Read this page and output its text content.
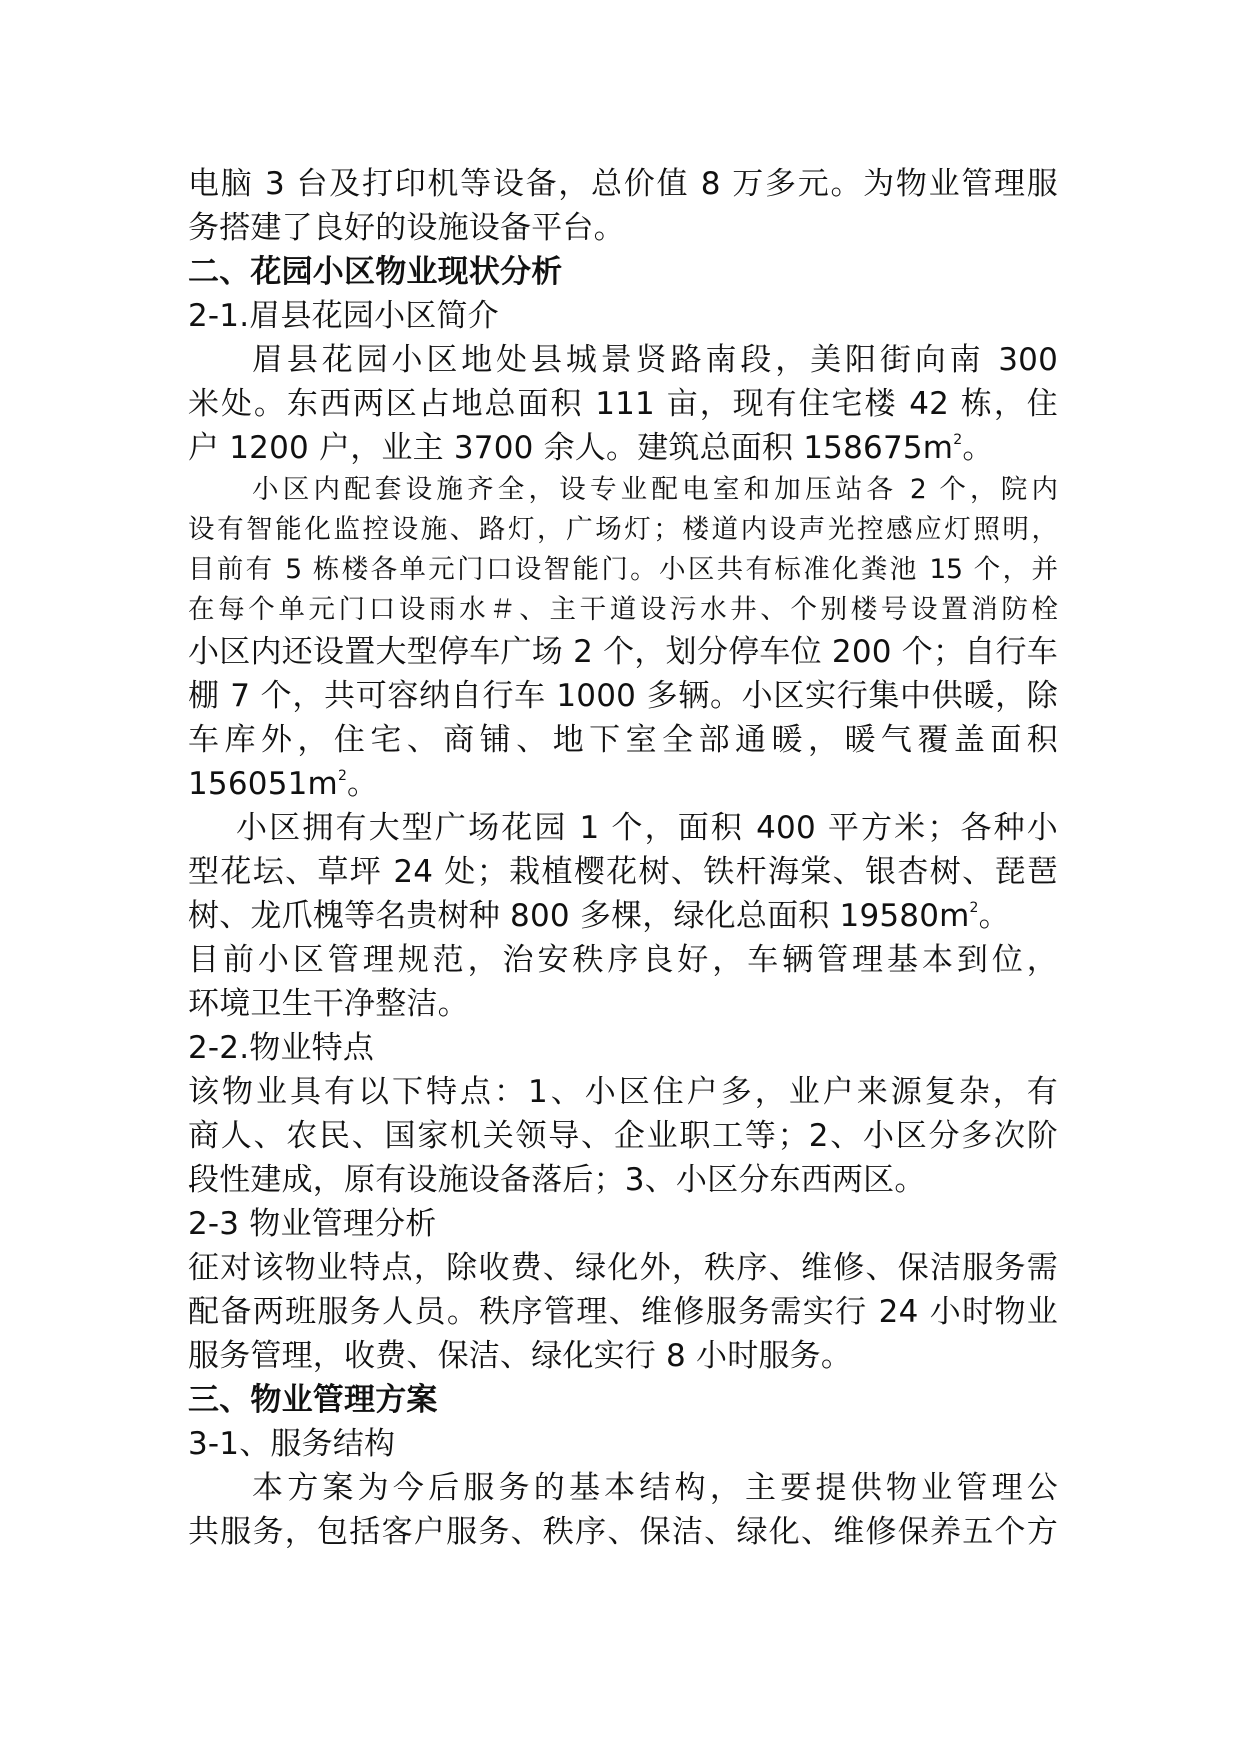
电脑 3 台及打印机等设备，总价值 8 万多元。为物业管理服
务搭建了良好的设施设备平台。
二、花园小区物业现状分析
2-1.眉县花园小区简介
眉县花园小区地处县城景贤路南段，美阳街向南 300
米处。东西两区占地总面积 111 亩，现有住宅楼 42 栋，住
户 1200 户，业主 3700 余人。建筑总面积 $158675m^2$。
小区内配套设施齐全，设专业配电室和加压站各 2 个，院内
设有智能化监控设施、路灯，广场灯；楼道内设声光控感应灯照明，
目前有 5 栋楼各单元门口设智能门。小区共有标准化粪池 15 个，并
在每个单元门口设雨水＃、主干道设污水井、个别楼号设置消防栓
小区内还设置大型停车广场 2 个，划分停车位 200 个；自行车
棚 7 个，共可容纳自行车 1000 多辆。小区实行集中供暖，除
车库外，住宅、商铺、地下室全部通暖，暖气覆盖面积
$156051m^2$。
小区拥有大型广场花园 1 个，面积 400 平方米；各种小
型花坛、草坪 24 处；栽植樱花树、铁杆海棠、银杏树、琵琶
树、龙爪槐等名贵树种 800 多棵，绿化总面积 $19580m^2$。
目前小区管理规范，治安秩序良好，车辆管理基本到位，
环境卫生干净整洁。
2-2.物业特点
该物业具有以下特点：1、小区住户多，业户来源复杂，有
商人、农民、国家机关领导、企业职工等；2、小区分多次阶
段性建成，原有设施设备落后；3、小区分东西两区。
2-3 物业管理分析
征对该物业特点，除收费、绿化外，秩序、维修、保洁服务需
配备两班服务人员。秩序管理、维修服务需实行 24 小时物业
服务管理，收费、保洁、绿化实行 8 小时服务。
三、物业管理方案
3-1、服务结构
本方案为今后服务的基本结构，主要提供物业管理公
共服务，包括客户服务、秩序、保洁、绿化、维修保养五个方
